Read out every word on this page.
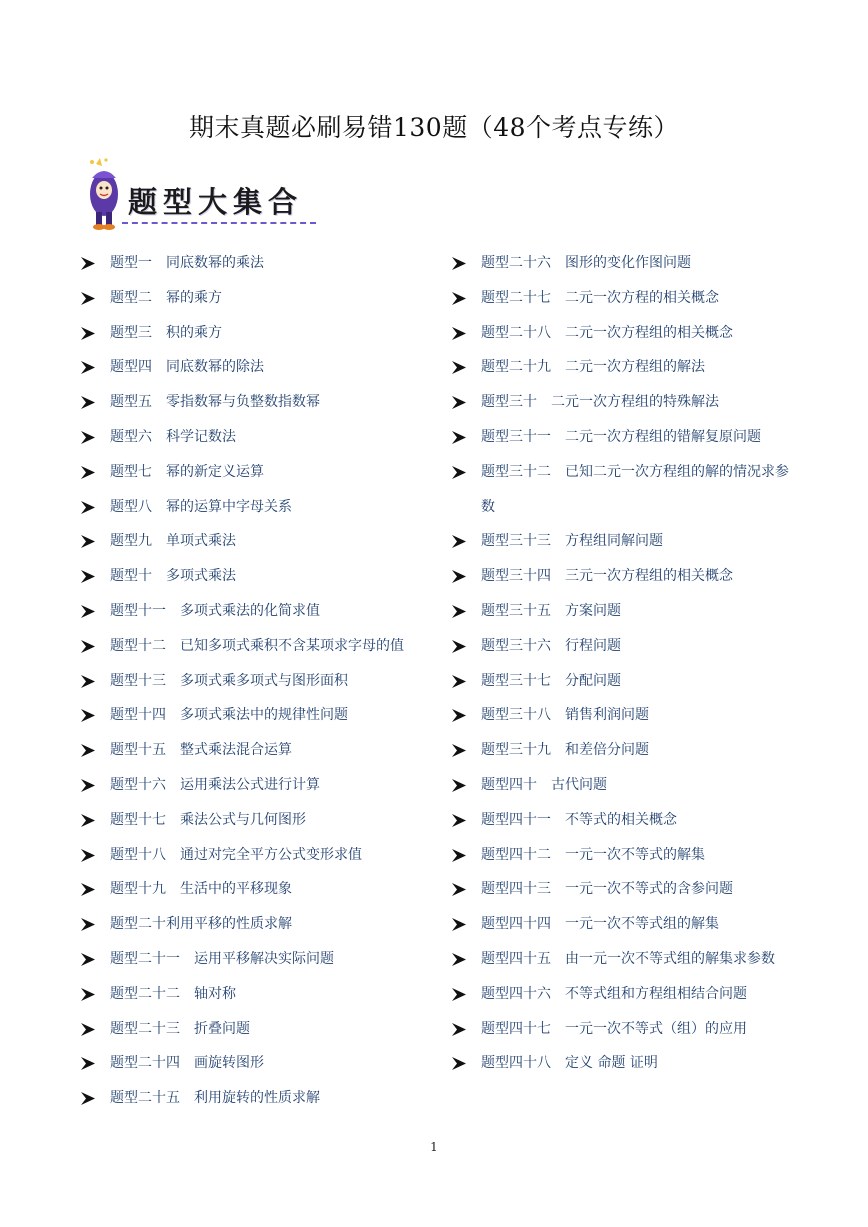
期末真题必刷易错130题（48个考点专练）
题型大集合
题型一　同底数幂的乘法
题型二　幂的乘方
题型三　积的乘方
题型四　同底数幂的除法
题型五　零指数幂与负整数指数幂
题型六　科学记数法
题型七　幂的新定义运算
题型八　幂的运算中字母关系
题型九　单项式乘法
题型十　多项式乘法
题型十一　多项式乘法的化简求值
题型十二　已知多项式乘积不含某项求字母的值
题型十三　多项式乘多项式与图形面积
题型十四　多项式乘法中的规律性问题
题型十五　整式乘法混合运算
题型十六　运用乘法公式进行计算
题型十七　乘法公式与几何图形
题型十八　通过对完全平方公式变形求值
题型十九　生活中的平移现象
题型二十利用平移的性质求解
题型二十一　运用平移解决实际问题
题型二十二　轴对称
题型二十三　折叠问题
题型二十四　画旋转图形
题型二十五　利用旋转的性质求解
题型二十六　图形的变化作图问题
题型二十七　二元一次方程的相关概念
题型二十八　二元一次方程组的相关概念
题型二十九　二元一次方程组的解法
题型三十　二元一次方程组的特殊解法
题型三十一　二元一次方程组的错解复原问题
题型三十二　已知二元一次方程组的解的情况求参数
题型三十三　方程组同解问题
题型三十四　三元一次方程组的相关概念
题型三十五　方案问题
题型三十六　行程问题
题型三十七　分配问题
题型三十八　销售利润问题
题型三十九　和差倍分问题
题型四十　古代问题
题型四十一　不等式的相关概念
题型四十二　一元一次不等式的解集
题型四十三　一元一次不等式的含参问题
题型四十四　一元一次不等式组的解集
题型四十五　由一元一次不等式组的解集求参数
题型四十六　不等式组和方程组相结合问题
题型四十七　一元一次不等式（组）的应用
题型四十八　定义 命题 证明
1
